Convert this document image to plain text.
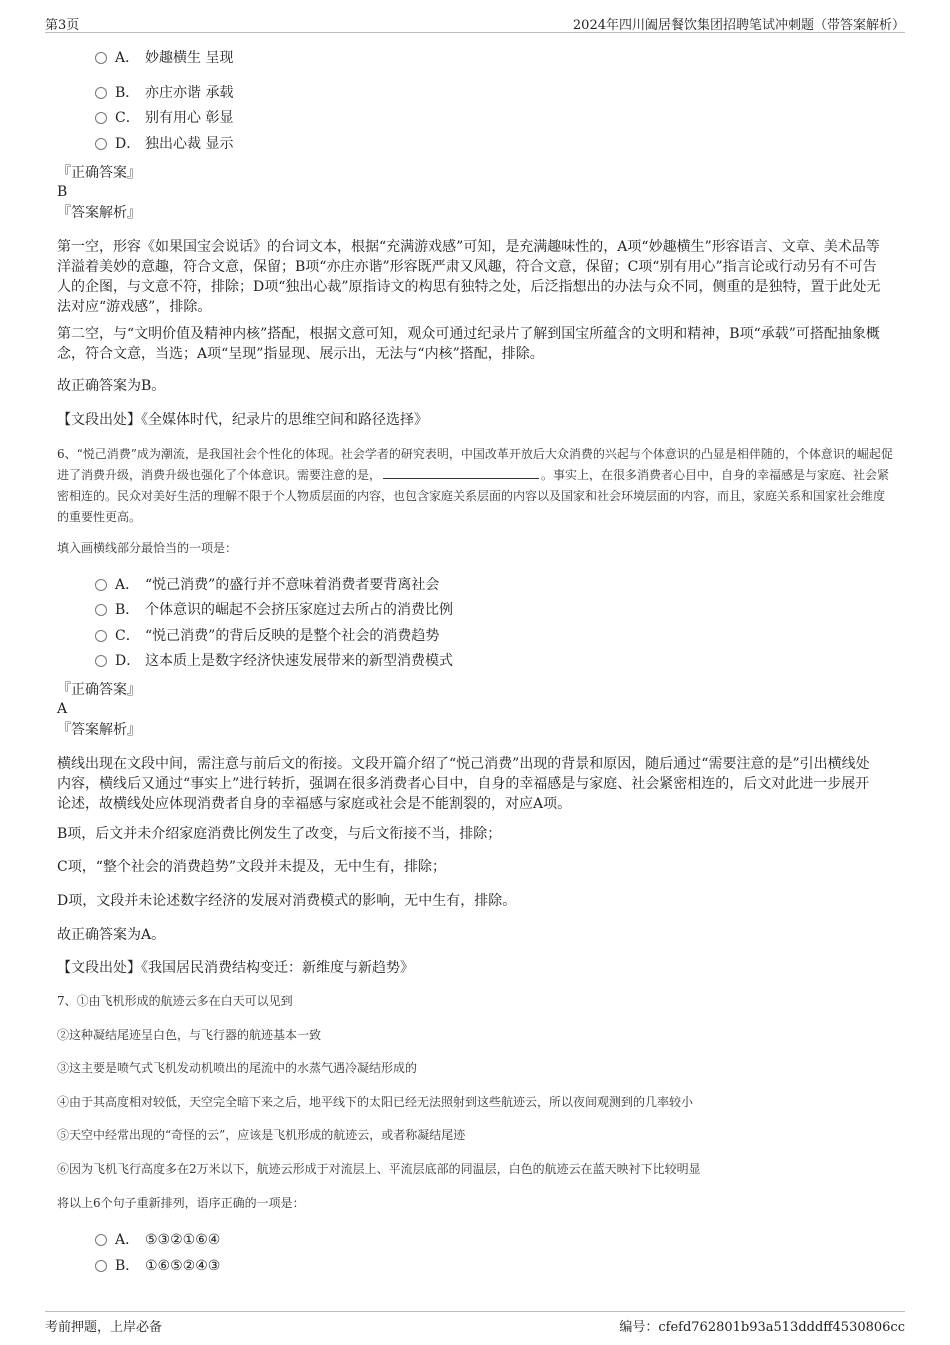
第3页	2024年四川阖居餐饮集团招聘笔试冲刺题（带答案解析）
A． 妙趣横生 呈现
B． 亦庄亦谐 承载
C． 别有用心 彰显
D． 独出心裁 显示
『正确答案』
B
『答案解析』
第一空，形容《如果国宝会说话》的台词文本，根据“充满游戏感”可知，是充满趣味性的，A项“妙趣横生”形容语言、文章、美术品等洋溢着美妙的意趣，符合文意，保留；B项“亦庄亦谐”形容既严肃又风趣，符合文意，保留；C项“别有用心”指言论或行动另有不可告人的企图，与文意不符，排除；D项“独出心裁”原指诗文的构思有独特之处，后泛指想出的办法与众不同，侧重的是独特，置于此处无法对应“游戏感”，排除。
第二空，与“文明价值及精神内核”搭配，根据文意可知，观众可通过纪录片了解到国宝所蕴含的文明和精神，B项“承载”可搭配抽象概念，符合文意，当选；A项“呈现”指显现、展示出，无法与“内核”搭配，排除。
故正确答案为B。
【文段出处】《全媒体时代，纪录片的思维空间和路径选择》
6、“悦己消费”成为潮流，是我国社会个性化的体现。社会学者的研究表明，中国改革开放后大众消费的兴起与个体意识的凸显是相伴随的，个体意识的崛起促进了消费升级，消费升级也强化了个体意识。需要注意的是，	。事实上，在很多消费者心目中，自身的幸福感是与家庭、社会紧密相连的。民众对美好生活的理解不限于个人物质层面的内容，也包含家庭关系层面的内容以及国家和社会环境层面的内容，而且，家庭关系和国家社会维度的重要性更高。
填入画横线部分最恰当的一项是：
A． “悦己消费”的盛行并不意味着消费者要背离社会
B． 个体意识的崛起不会挤压家庭过去所占的消费比例
C． “悦己消费”的背后反映的是整个社会的消费趋势
D． 这本质上是数字经济快速发展带来的新型消费模式
『正确答案』
A
『答案解析』
横线出现在文段中间，需注意与前后文的衔接。文段开篇介绍了“悦己消费”出现的背景和原因，随后通过“需要注意的是”引出横线处内容，横线后又通过“事实上”进行转折，强调在很多消费者心目中，自身的幸福感是与家庭、社会紧密相连的，后文对此进一步展开论述，故横线处应体现消费者自身的幸福感与家庭或社会是不能割裂的，对应A项。
B项，后文并未介绍家庭消费比例发生了改变，与后文衔接不当，排除；
C项，“整个社会的消费趋势”文段并未提及，无中生有，排除；
D项，文段并未论述数字经济的发展对消费模式的影响，无中生有，排除。
故正确答案为A。
【文段出处】《我国居民消费结构变迁：新维度与新趋势》
7、①由飞机形成的航迹云多在白天可以见到
②这种凝结尾迹呈白色，与飞行器的航迹基本一致
③这主要是喷气式飞机发动机喷出的尾流中的水蒸气遇冷凝结形成的
④由于其高度相对较低，天空完全暗下来之后，地平线下的太阳已经无法照射到这些航迹云，所以夜间观测到的几率较小
⑤天空中经常出现的“奇怪的云”，应该是飞机形成的航迹云，或者称凝结尾迹
⑥因为飞机飞行高度多在2万米以下，航迹云形成于对流层上、平流层底部的同温层，白色的航迹云在蓝天映衬下比较明显
将以上6个句子重新排列，语序正确的一项是：
A． ⑤③②①⑥④
B． ①⑥⑤②④③
考前押题，上岸必备	编号：cfefd762801b93a513dddff4530806cc
